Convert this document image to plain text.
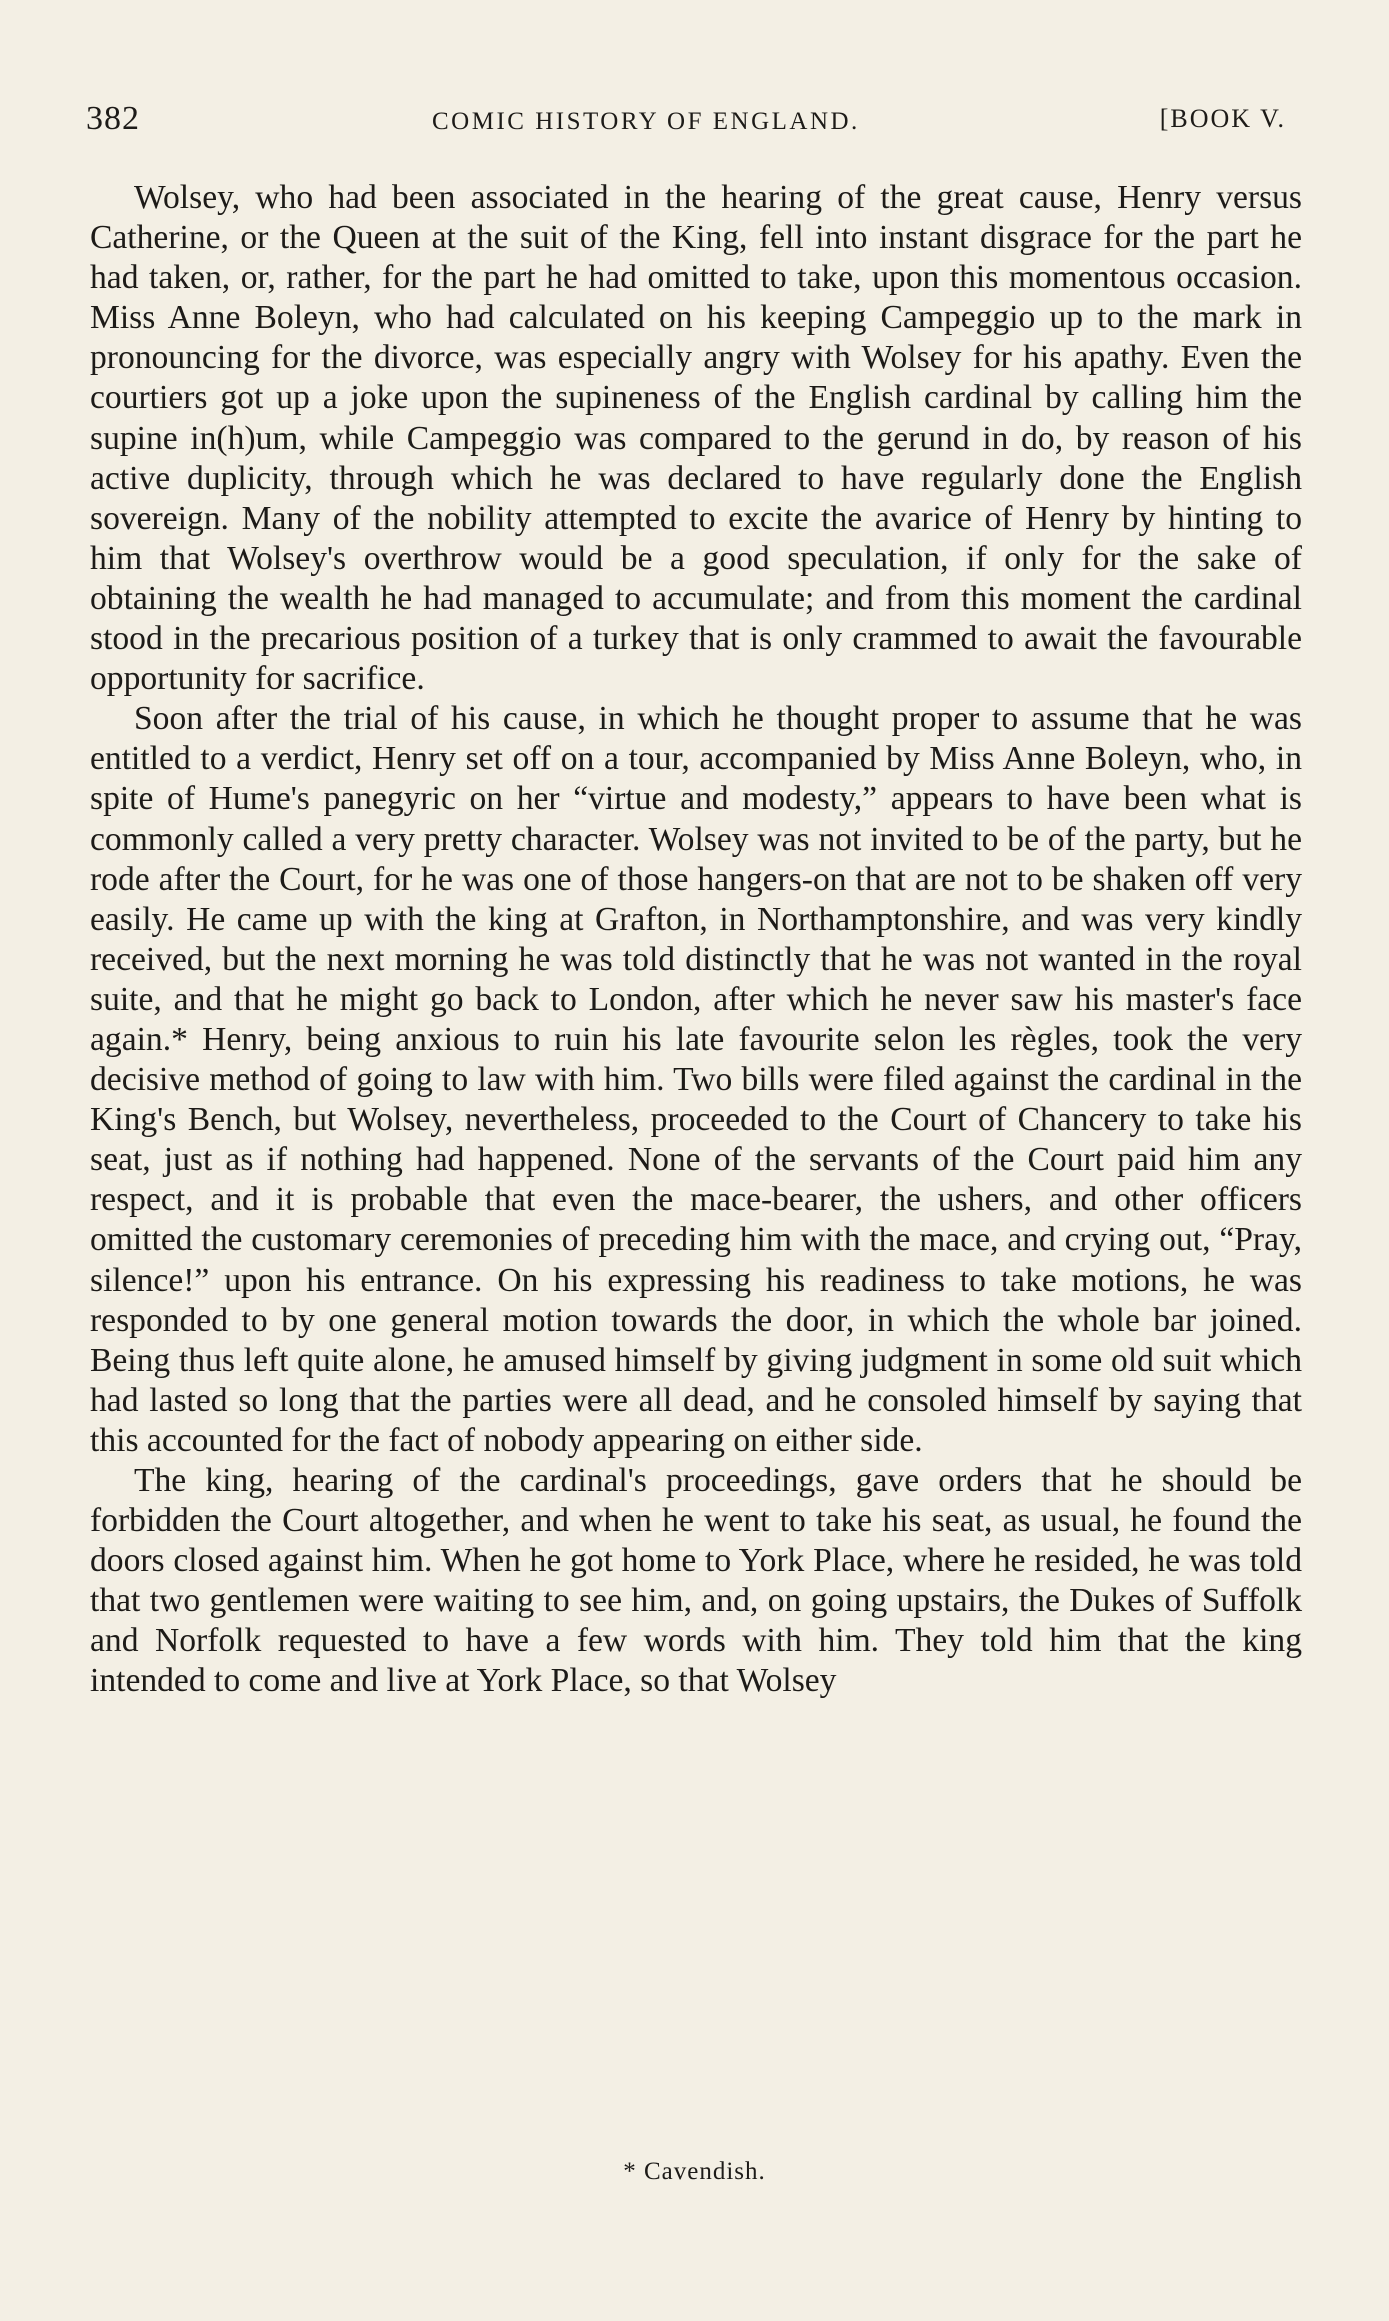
382	COMIC HISTORY OF ENGLAND.	[BOOK V.

Wolsey, who had been associated in the hearing of the great cause, Henry versus Catherine, or the Queen at the suit of the King, fell into instant disgrace for the part he had taken, or, rather, for the part he had omitted to take, upon this momentous occasion. Miss Anne Boleyn, who had calculated on his keeping Campeggio up to the mark in pronouncing for the divorce, was especially angry with Wolsey for his apathy. Even the courtiers got up a joke upon the supineness of the English cardinal by calling him the supine in(h)um, while Campeggio was compared to the gerund in do, by reason of his active duplicity, through which he was declared to have regularly done the English sovereign. Many of the nobility attempted to excite the avarice of Henry by hinting to him that Wolsey's overthrow would be a good speculation, if only for the sake of obtaining the wealth he had managed to accumulate; and from this moment the cardinal stood in the precarious position of a turkey that is only crammed to await the favourable opportunity for sacrifice.

Soon after the trial of his cause, in which he thought proper to assume that he was entitled to a verdict, Henry set off on a tour, accompanied by Miss Anne Boleyn, who, in spite of Hume's panegyric on her “virtue and modesty,” appears to have been what is commonly called a very pretty character. Wolsey was not invited to be of the party, but he rode after the Court, for he was one of those hangers-on that are not to be shaken off very easily. He came up with the king at Grafton, in Northamptonshire, and was very kindly received, but the next morning he was told distinctly that he was not wanted in the royal suite, and that he might go back to London, after which he never saw his master's face again.* Henry, being anxious to ruin his late favourite selon les règles, took the very decisive method of going to law with him. Two bills were filed against the cardinal in the King's Bench, but Wolsey, nevertheless, proceeded to the Court of Chancery to take his seat, just as if nothing had happened. None of the servants of the Court paid him any respect, and it is probable that even the mace-bearer, the ushers, and other officers omitted the customary ceremonies of preceding him with the mace, and crying out, “Pray, silence!” upon his entrance. On his expressing his readiness to take motions, he was responded to by one general motion towards the door, in which the whole bar joined. Being thus left quite alone, he amused himself by giving judgment in some old suit which had lasted so long that the parties were all dead, and he consoled himself by saying that this accounted for the fact of nobody appearing on either side.

The king, hearing of the cardinal's proceedings, gave orders that he should be forbidden the Court altogether, and when he went to take his seat, as usual, he found the doors closed against him. When he got home to York Place, where he resided, he was told that two gentlemen were waiting to see him, and, on going upstairs, the Dukes of Suffolk and Norfolk requested to have a few words with him. They told him that the king intended to come and live at York Place, so that Wolsey

* Cavendish.
